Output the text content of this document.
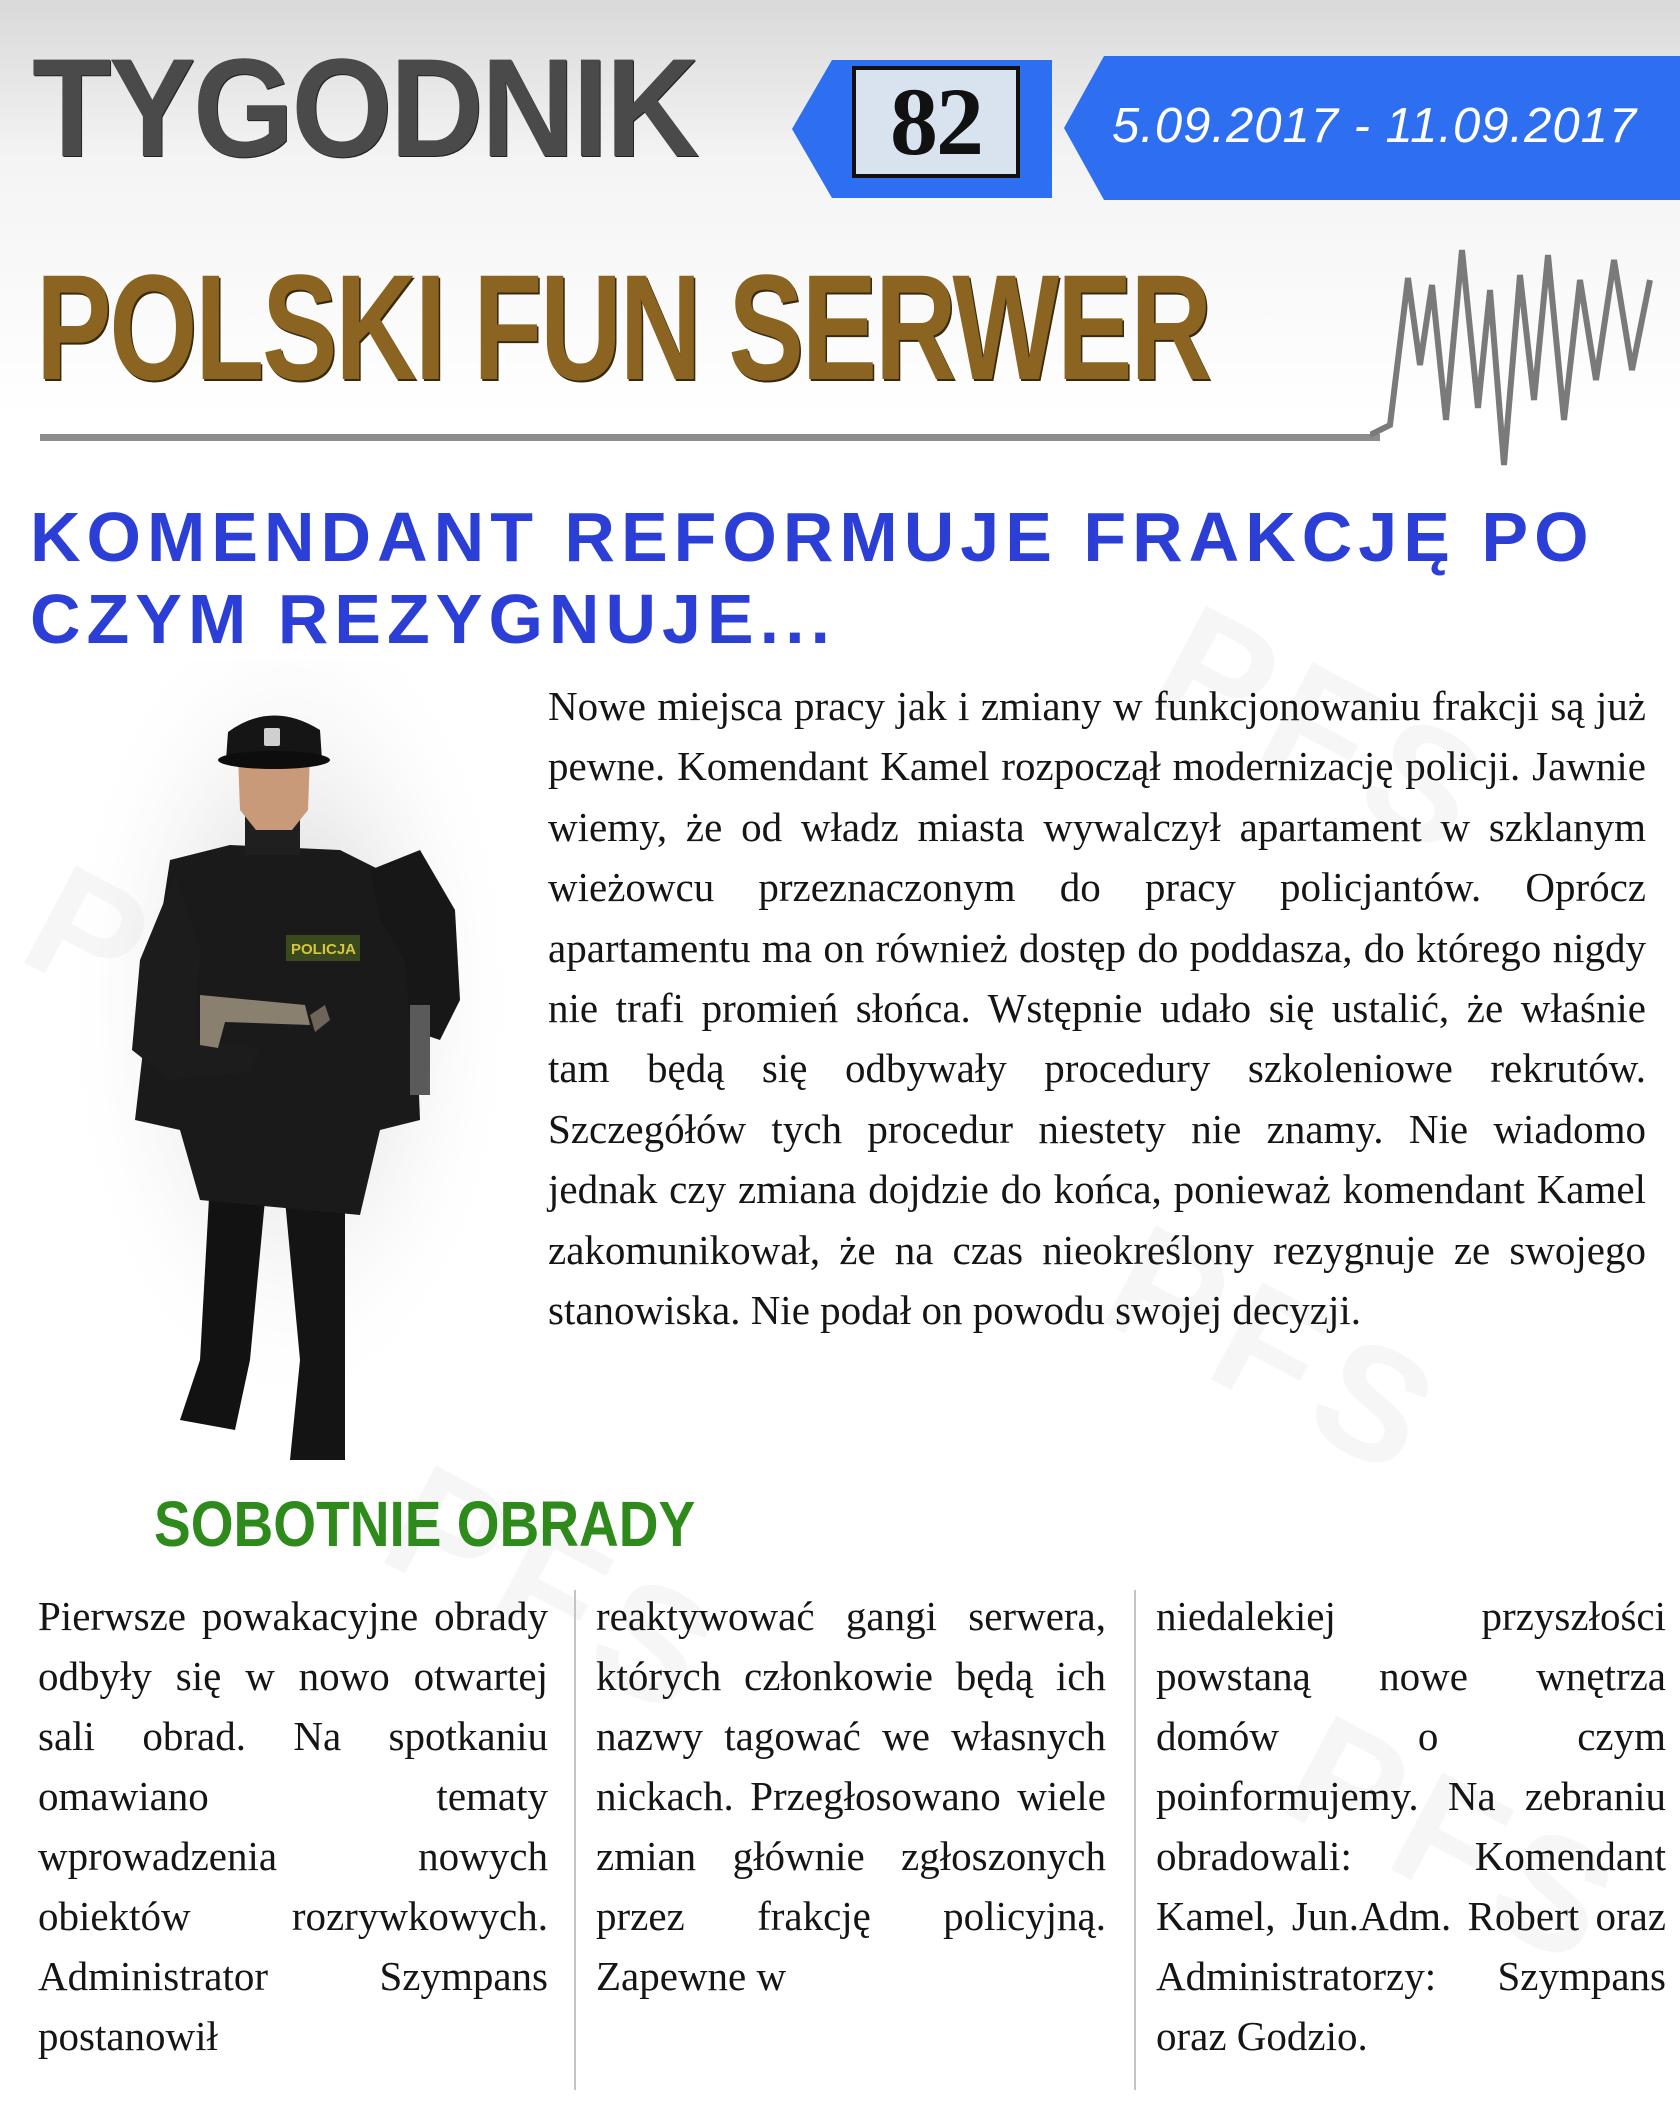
TYGODNIK 82	5.09.2017 - 11.09.2017
POLSKI FUN SERWER
KOMENDANT REFORMUJE FRAKCJĘ PO CZYM REZYGNUJE...
POLICJA

Nowe miejsca pracy jak i zmiany w funkcjonowaniu frakcji są już pewne. Komendant Kamel rozpoczął modernizację policji. Jawnie wiemy, że od władz miasta wywalczył apartament w szklanym wieżowcu przeznaczonym do pracy policjantów. Oprócz apartamentu ma on również dostęp do poddasza, do którego nigdy nie trafi promień słońca. Wstępnie udało się ustalić, że właśnie tam będą się odbywały procedury szkoleniowe rekrutów. Szczegółów tych procedur niestety nie znamy. Nie wiadomo jednak czy zmiana dojdzie do końca, ponieważ komendant Kamel zakomunikował, że na czas nieokreślony rezygnuje ze swojego stanowiska. Nie podał on powodu swojej decyzji.

SOBOTNIE OBRADY

Pierwsze powakacyjne obrady odbyły się w nowo otwartej sali obrad. Na spotkaniu omawiano tematy wprowadzenia nowych obiektów rozrywkowych. Administrator Szympans postanowił

reaktywować gangi serwera, których członkowie będą ich nazwy tagować we własnych nickach. Przegłosowano wiele zmian głównie zgłoszonych przez frakcję policyjną. Zapewne w

niedalekiej przyszłości powstaną nowe wnętrza domów o czym poinformujemy. Na zebraniu obradowali: Komendant Kamel, Jun.Adm. Robert oraz Administratorzy: Szympans oraz Godzio.
